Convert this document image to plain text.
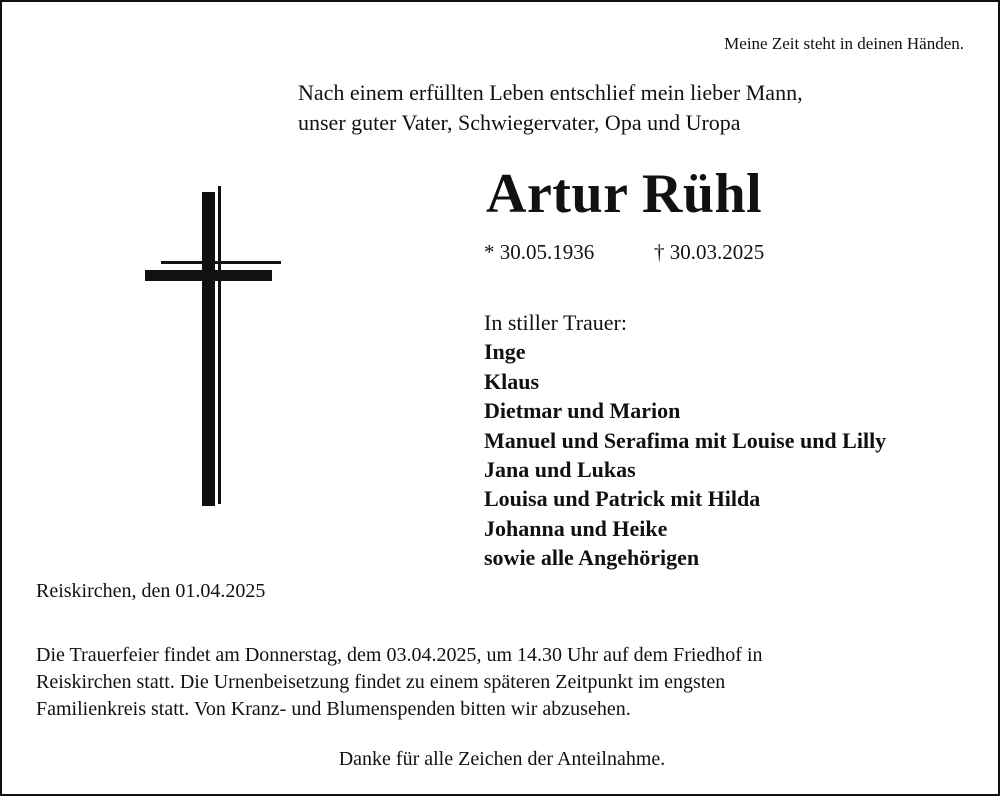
Meine Zeit steht in deinen Händen.
Nach einem erfüllten Leben entschlief mein lieber Mann,
unser guter Vater, Schwiegervater, Opa und Uropa
Artur Rühl
* 30.05.1936	† 30.03.2025
In stiller Trauer:
Inge
Klaus
Dietmar und Marion
Manuel und Serafima mit Louise und Lilly
Jana und Lukas
Louisa und Patrick mit Hilda
Johanna und Heike
sowie alle Angehörigen
Reiskirchen, den 01.04.2025
Die Trauerfeier findet am Donnerstag, dem 03.04.2025, um 14.30 Uhr auf dem Friedhof in
Reiskirchen statt. Die Urnenbeisetzung findet zu einem späteren Zeitpunkt im engsten
Familienkreis statt. Von Kranz- und Blumenspenden bitten wir abzusehen.
Danke für alle Zeichen der Anteilnahme.
